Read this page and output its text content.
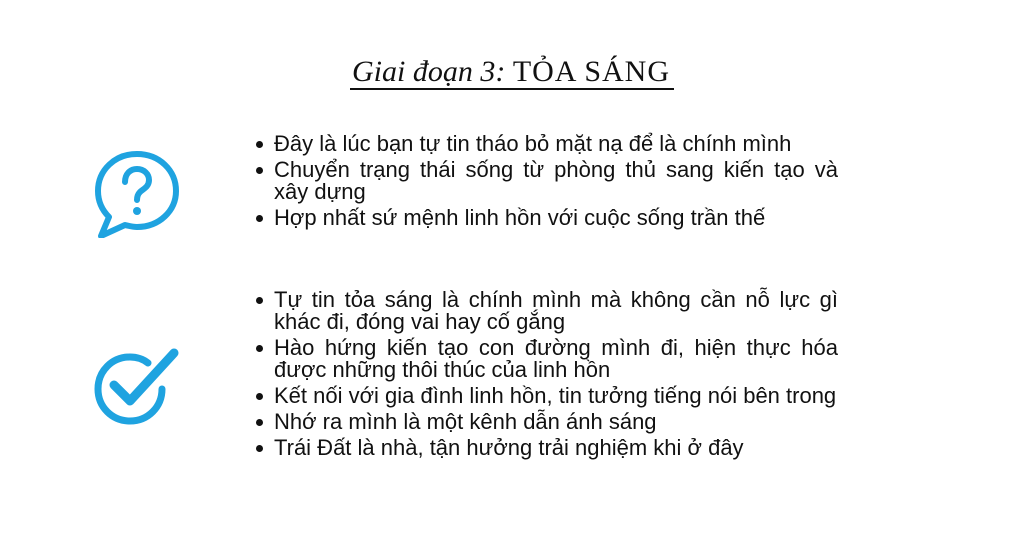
Giai đoạn 3: TỎA SÁNG
Đây là lúc bạn tự tin tháo bỏ mặt nạ để là chính mình
Chuyển trạng thái sống từ phòng thủ sang kiến tạo và xây dựng
Hợp nhất sứ mệnh linh hồn với cuộc sống trần thế
Tự tin tỏa sáng là chính mình mà không cần nỗ lực gì khác đi, đóng vai hay cố gắng
Hào hứng kiến tạo con đường mình đi, hiện thực hóa được những thôi thúc của linh hồn
Kết nối với gia đình linh hồn, tin tưởng tiếng nói bên trong
Nhớ ra mình là một kênh dẫn ánh sáng
Trái Đất là nhà, tận hưởng trải nghiệm khi ở đây
